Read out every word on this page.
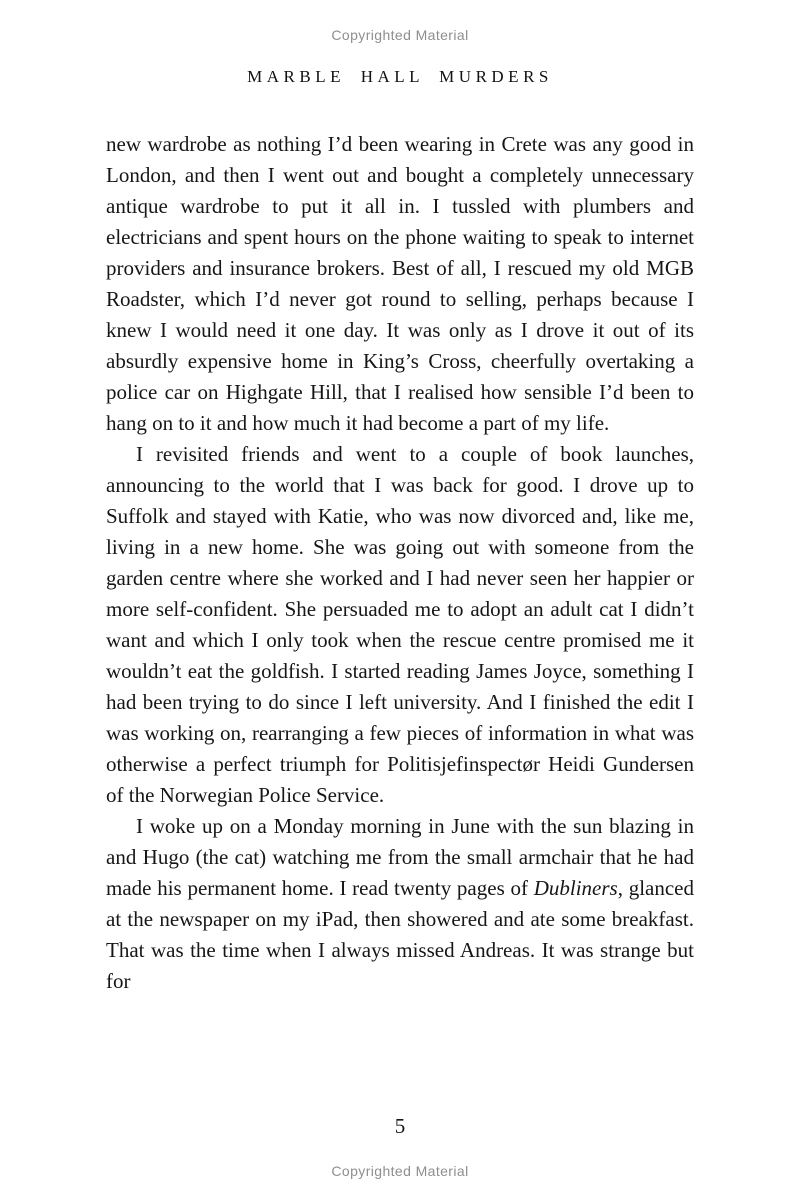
Copyrighted Material
MARBLE HALL MURDERS

new wardrobe as nothing I’d been wearing in Crete was any good in London, and then I went out and bought a completely unnecessary antique wardrobe to put it all in. I tussled with plumbers and electricians and spent hours on the phone waiting to speak to internet providers and insurance brokers. Best of all, I rescued my old MGB Roadster, which I’d never got round to selling, perhaps because I knew I would need it one day. It was only as I drove it out of its absurdly expensive home in King’s Cross, cheerfully overtaking a police car on Highgate Hill, that I realised how sensible I’d been to hang on to it and how much it had become a part of my life.

I revisited friends and went to a couple of book launches, announcing to the world that I was back for good. I drove up to Suffolk and stayed with Katie, who was now divorced and, like me, living in a new home. She was going out with someone from the garden centre where she worked and I had never seen her happier or more self-confident. She persuaded me to adopt an adult cat I didn’t want and which I only took when the rescue centre promised me it wouldn’t eat the goldfish. I started reading James Joyce, something I had been trying to do since I left university. And I finished the edit I was working on, rearranging a few pieces of information in what was otherwise a perfect triumph for Politisjefinspectør Heidi Gundersen of the Norwegian Police Service.

I woke up on a Monday morning in June with the sun blazing in and Hugo (the cat) watching me from the small armchair that he had made his permanent home. I read twenty pages of Dubliners, glanced at the newspaper on my iPad, then showered and ate some breakfast. That was the time when I always missed Andreas. It was strange but for

5
Copyrighted Material
